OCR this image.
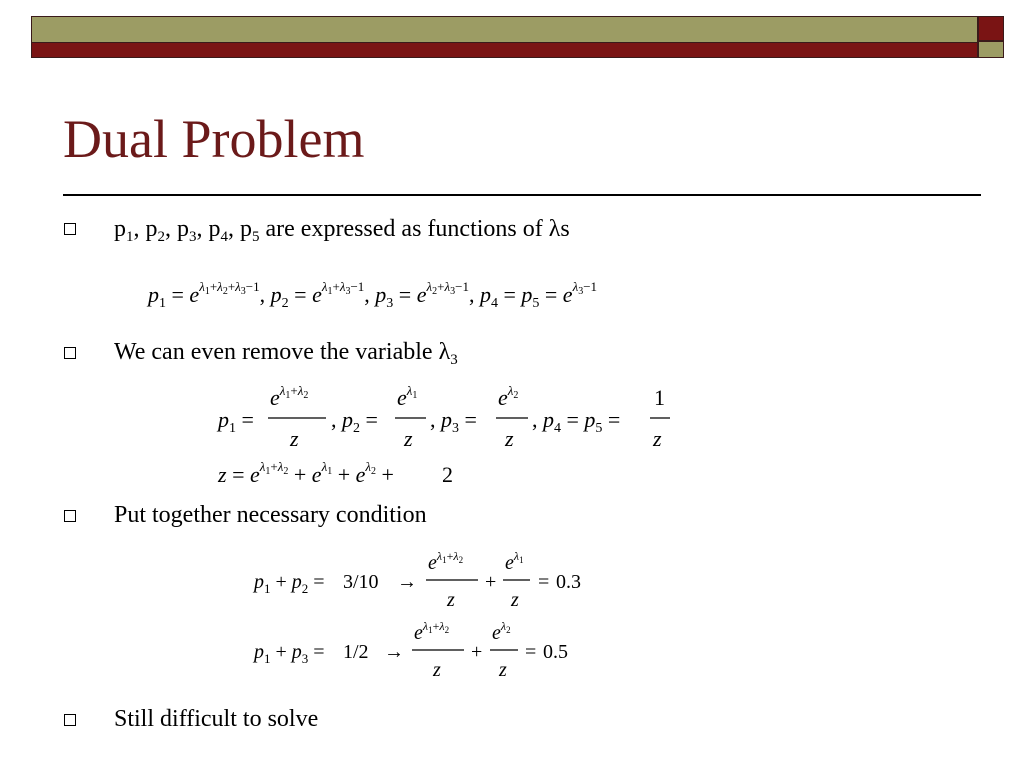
Dual Problem
$p_1$, $p_2$, $p_3$, $p_4$, $p_5$ are expressed as functions of λs
We can even remove the variable $\lambda_3$
Put together necessary condition
Still difficult to solve
$p_1 = e^\lambda 1+\lambda 2+\lambda 3-1$, $p_2 = e^\lambda 1+\lambda 3-1$, $p_3 = e^\lambda 2+\lambda 3-1$, $p_4 = p_5 = e^\lambda 3-1$
$p_1$ =
$e^\lambda 1+\lambda 2$
z
, $p_2$ =
$e^\lambda 1$
z
, $p_3$ =
$e^\lambda 2$
z
, $p_4 = p_5$ =
1
z
$z = e^\lambda 1+\lambda 2 + e^\lambda 1 + e^\lambda 2 + 2$
$p_1 + p_2 = 3/10$ →
$e^\lambda 1+\lambda 2$
z
+
$e^\lambda 1$
z
= 0.3
$p_1 + p_3 = 1/2$ →
$e^\lambda 1+\lambda 2$
z
+
$e^\lambda 2$
z
= 0.5
